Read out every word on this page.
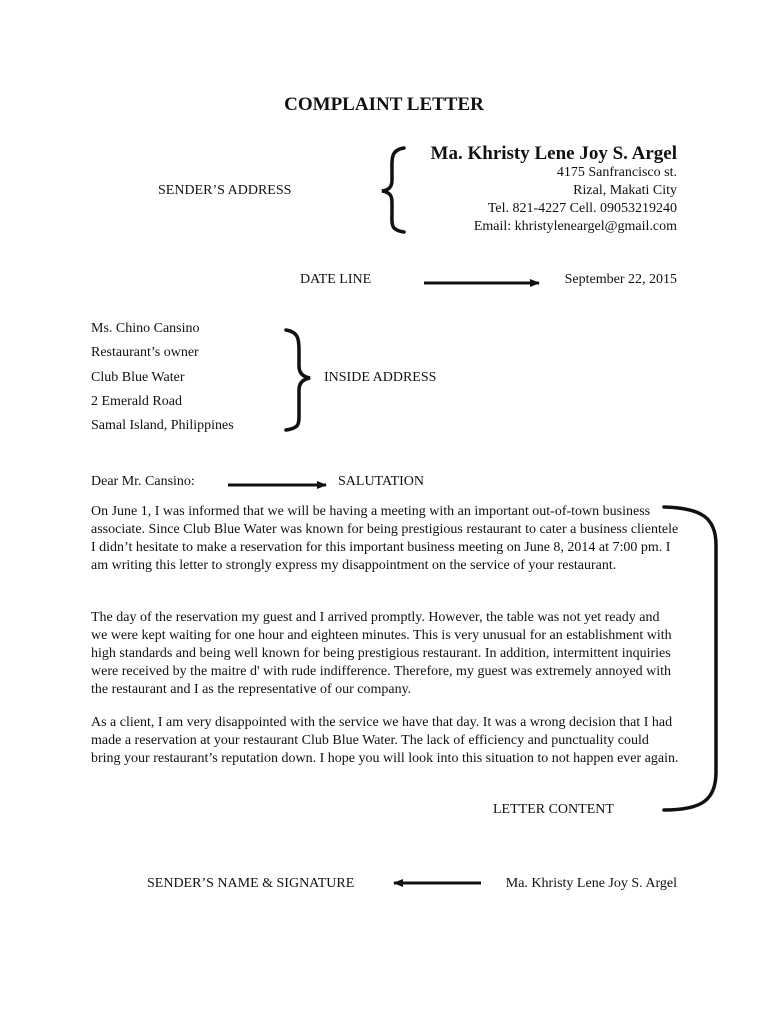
COMPLAINT LETTER
Ma. Khristy Lene Joy S. Argel
4175 Sanfrancisco st.
Rizal, Makati City
Tel. 821-4227 Cell. 09053219240
Email: khristyleneargel@gmail.com
SENDER’S ADDRESS
DATE LINE	September 22, 2015
Ms. Chino Cansino
Restaurant’s owner
Club Blue Water
2 Emerald Road
Samal Island, Philippines
INSIDE ADDRESS
Dear Mr. Cansino:	SALUTATION
On June 1, I was informed that we will be having a meeting with an important out-of-town business associate. Since Club Blue Water was known for being prestigious restaurant to cater a business clientele I didn’t hesitate to make a reservation for this important business meeting on June 8, 2014 at 7:00 pm. I am writing this letter to strongly express my disappointment on the service of your restaurant.
The day of the reservation my guest and I arrived promptly. However, the table was not yet ready and we were kept waiting for one hour and eighteen minutes. This is very unusual for an establishment with high standards and being well known for being prestigious restaurant. In addition, intermittent inquiries were received by the maitre d' with rude indifference. Therefore, my guest was extremely annoyed with the restaurant and I as the representative of our company.
As a client, I am very disappointed with the service we have that day. It was a wrong decision that I had made a reservation at your restaurant Club Blue Water. The lack of efficiency and punctuality could bring your restaurant’s reputation down. I hope you will look into this situation to not happen ever again.
LETTER CONTENT
SENDER’S NAME & SIGNATURE	Ma. Khristy Lene Joy S. Argel
